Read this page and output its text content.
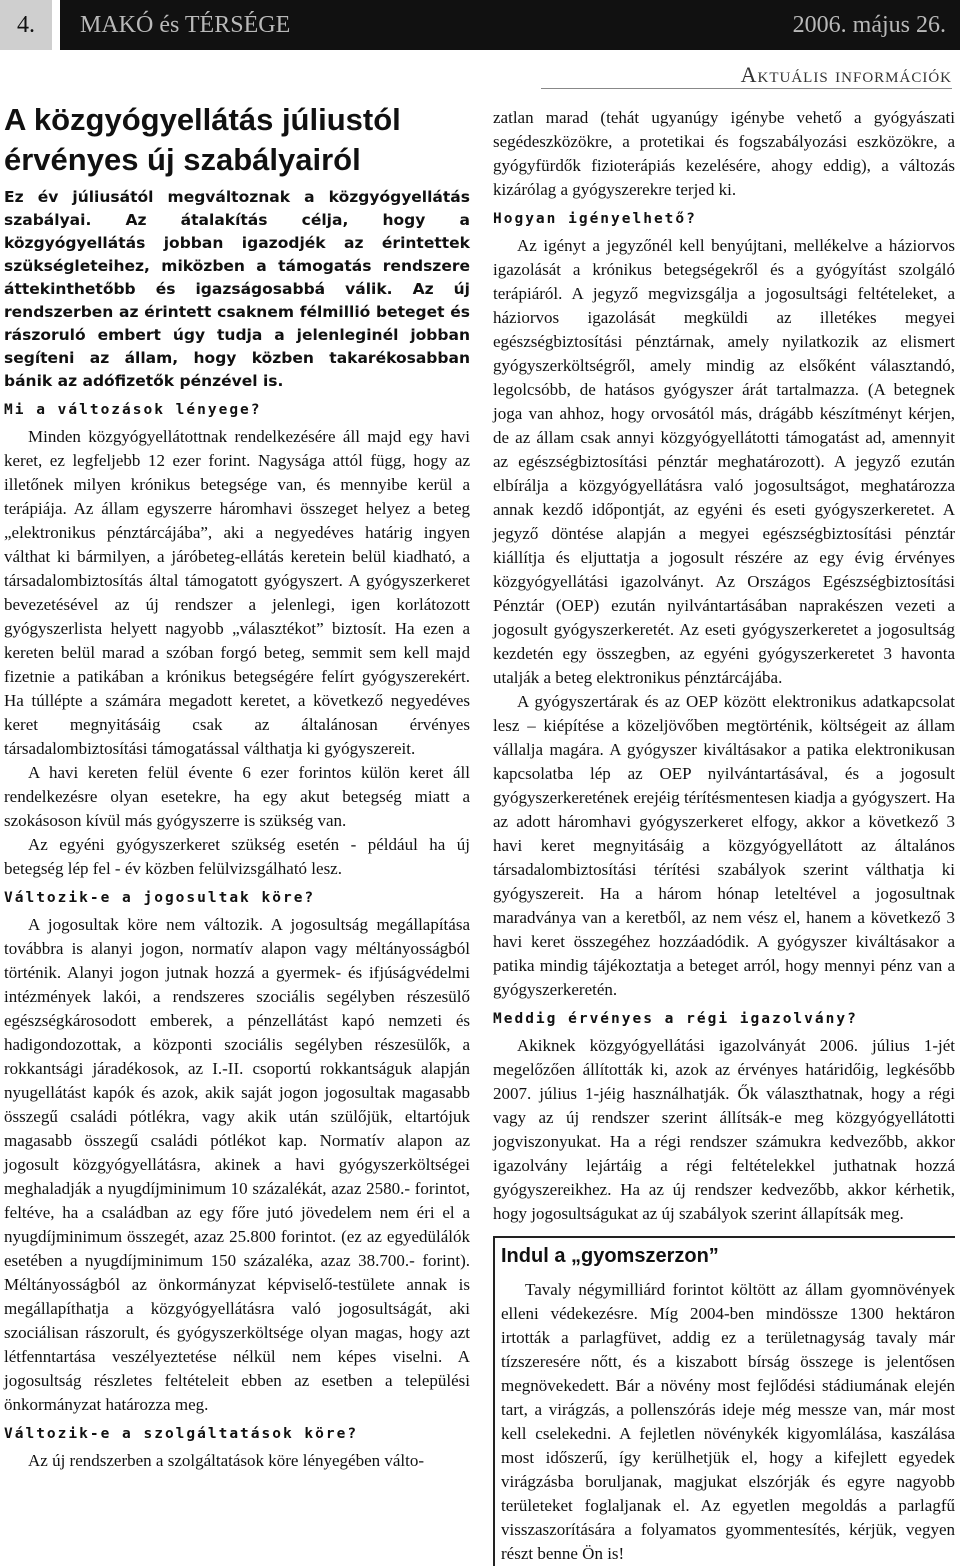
4.	MAKÓ és TÉRSÉGE	2006. május 26.
Aktuális információk
A közgyógyellátás júliustól érvényes új szabályairól

Ez év júliusától megváltoznak a közgyógyellátás szabályai. Az átalakítás célja, hogy a közgyógyellátás jobban igazodjék az érintettek szükségleteihez, miközben a támogatás rendszere áttekinthetőbb és igazságosabbá válik. Az új rendszerben az érintett csaknem félmillió beteget és rászoruló embert úgy tudja a jelenleginél jobban segíteni az állam, hogy közben takarékosabban bánik az adófizetők pénzével is.

Mi a változások lényege?

Minden közgyógyellátottnak rendelkezésére áll majd egy havi keret, ez legfeljebb 12 ezer forint. Nagysága attól függ, hogy az illetőnek milyen krónikus betegsége van, és mennyibe kerül a terápiája. Az állam egyszerre háromhavi összeget helyez a beteg „elektronikus pénztárcájába”, aki a negyedéves határig ingyen válthat ki bármilyen, a járóbeteg-ellátás keretein belül kiadható, a társadalombiztosítás által támogatott gyógyszert. A gyógyszerkeret bevezetésével az új rendszer a jelenlegi, igen korlátozott gyógyszerlista helyett nagyobb „választékot” biztosít. Ha ezen a kereten belül marad a szóban forgó beteg, semmit sem kell majd fizetnie a patikában a krónikus betegségére felírt gyógyszerekért. Ha túllépte a számára megadott keretet, a következő negyedéves keret megnyitásáig csak az általánosan érvényes társadalombiztosítási támogatással válthatja ki gyógyszereit.

A havi kereten felül évente 6 ezer forintos külön keret áll rendelkezésre olyan esetekre, ha egy akut betegség miatt a szokásoson kívül más gyógyszerre is szükség van.

Az egyéni gyógyszerkeret szükség esetén - például ha új betegség lép fel - év közben felülvizsgálható lesz.

Változik-e a jogosultak köre?

A jogosultak köre nem változik. A jogosultság megállapítása továbbra is alanyi jogon, normatív alapon vagy méltányosságból történik. Alanyi jogon jutnak hozzá a gyermek- és ifjúságvédelmi intézmények lakói, a rendszeres szociális segélyben részesülő egészségkárosodott emberek, a pénzellátást kapó nemzeti és hadigondozottak, a központi szociális segélyben részesülők, a rokkantsági járadékosok, az I.-II. csoportú rokkantságuk alapján nyugellátást kapók és azok, akik saját jogon jogosultak magasabb összegű családi pótlékra, vagy akik után szülőjük, eltartójuk magasabb összegű családi pótlékot kap. Normatív alapon az jogosult közgyógyellátásra, akinek a havi gyógyszerköltségei meghaladják a nyugdíjminimum 10 százalékát, azaz 2580.- forintot, feltéve, ha a családban az egy főre jutó jövedelem nem éri el a nyugdíjminimum összegét, azaz 25.800 forintot. (ez az egyedülálók esetében a nyugdíjminimum 150 százaléka, azaz 38.700.- forint). Méltányosságból az önkormányzat képviselő-testülete annak is megállapíthatja a közgyógyellátásra való jogosultságát, aki szociálisan rászorult, és gyógyszerköltsége olyan magas, hogy azt létfenntartása veszélyeztetése nélkül nem képes viselni. A jogosultság részletes feltételeit ebben az esetben a települési önkormányzat határozza meg.

Változik-e a szolgáltatások köre?

Az új rendszerben a szolgáltatások köre lényegében válto-

zatlan marad (tehát ugyanúgy igénybe vehető a gyógyászati segédeszközökre, a protetikai és fogszabályozási eszközökre, a gyógyfürdők fizioterápiás kezelésére, ahogy eddig), a változás kizárólag a gyógyszerekre terjed ki.

Hogyan igényelhető?

Az igényt a jegyzőnél kell benyújtani, mellékelve a háziorvos igazolását a krónikus betegségekről és a gyógyítást szolgáló terápiáról. A jegyző megvizsgálja a jogosultsági feltételeket, a háziorvos igazolását megküldi az illetékes megyei egészségbiztosítási pénztárnak, amely nyilatkozik az elismert gyógyszerköltségről, amely mindig az elsőként választandó, legolcsóbb, de hatásos gyógyszer árát tartalmazza. (A betegnek joga van ahhoz, hogy orvosától más, drágább készítményt kérjen, de az állam csak annyi közgyógyellátotti támogatást ad, amennyit az egészségbiztosítási pénztár meghatározott). A jegyző ezután elbírálja a közgyógyellátásra való jogosultságot, meghatározza annak kezdő időpontját, az egyéni és eseti gyógyszerkeretet. A jegyző döntése alapján a megyei egészségbiztosítási pénztár kiállítja és eljuttatja a jogosult részére az egy évig érvényes közgyógyellátási igazolványt. Az Országos Egészségbiztosítási Pénztár (OEP) ezután nyilvántartásában naprakészen vezeti a jogosult gyógyszerkeretét. Az eseti gyógyszerkeretet a jogosultság kezdetén egy összegben, az egyéni gyógyszerkeretet 3 havonta utalják a beteg elektronikus pénztárcájába.

A gyógyszertárak és az OEP között elektronikus adatkapcsolat lesz – kiépítése a közeljövőben megtörténik, költségeit az állam vállalja magára. A gyógyszer kiváltásakor a patika elektronikusan kapcsolatba lép az OEP nyilvántartásával, és a jogosult gyógyszerkeretének erejéig térítésmentesen kiadja a gyógyszert. Ha az adott háromhavi gyógyszerkeret elfogy, akkor a következő 3 havi keret megnyitásáig a közgyógyellátott az általános társadalombiztosítási térítési szabályok szerint válthatja ki gyógyszereit. Ha a három hónap leteltével a jogosultnak maradványa van a keretből, az nem vész el, hanem a következő 3 havi keret összegéhez hozzáadódik. A gyógyszer kiváltásakor a patika mindig tájékoztatja a beteget arról, hogy mennyi pénz van a gyógyszerkeretén.

Meddig érvényes a régi igazolvány?

Akiknek közgyógyellátási igazolványát 2006. július 1-jét megelőzően állították ki, azok az érvényes határidőig, legkésőbb 2007. július 1-jéig használhatják. Ők választhatnak, hogy a régi vagy az új rendszer szerint állítsák-e meg közgyógyellátotti jogviszonyukat. Ha a régi rendszer számukra kedvezőbb, akkor igazolvány lejártáig a régi feltételekkel juthatnak hozzá gyógyszereikhez. Ha az új rendszer kedvezőbb, akkor kérhetik, hogy jogosultságukat az új szabályok szerint állapítsák meg.

Indul a „gyomszerzon”

Tavaly négymilliárd forintot költött az állam gyomnövények elleni védekezésre. Míg 2004-ben mindössze 1300 hektáron irtották a parlagfüvet, addig ez a területnagyság tavaly már tízszeresére nőtt, és a kiszabott bírság összege is jelentősen megnövekedett. Bár a növény most fejlődési stádiumának elején tart, a virágzás, a pollenszórás ideje még messze van, már most kell cselekedni. A fejletlen növénykék kigyomlálása, kaszálása most időszerű, így kerülhetjük el, hogy a kifejlett egyedek virágzásba boruljanak, magjukat elszórják és egyre nagyobb területeket foglaljanak el. Az egyetlen megoldás a parlagfű visszaszorítására a folyamatos gyommentesítés, kérjük, vegyen részt benne Ön is!
